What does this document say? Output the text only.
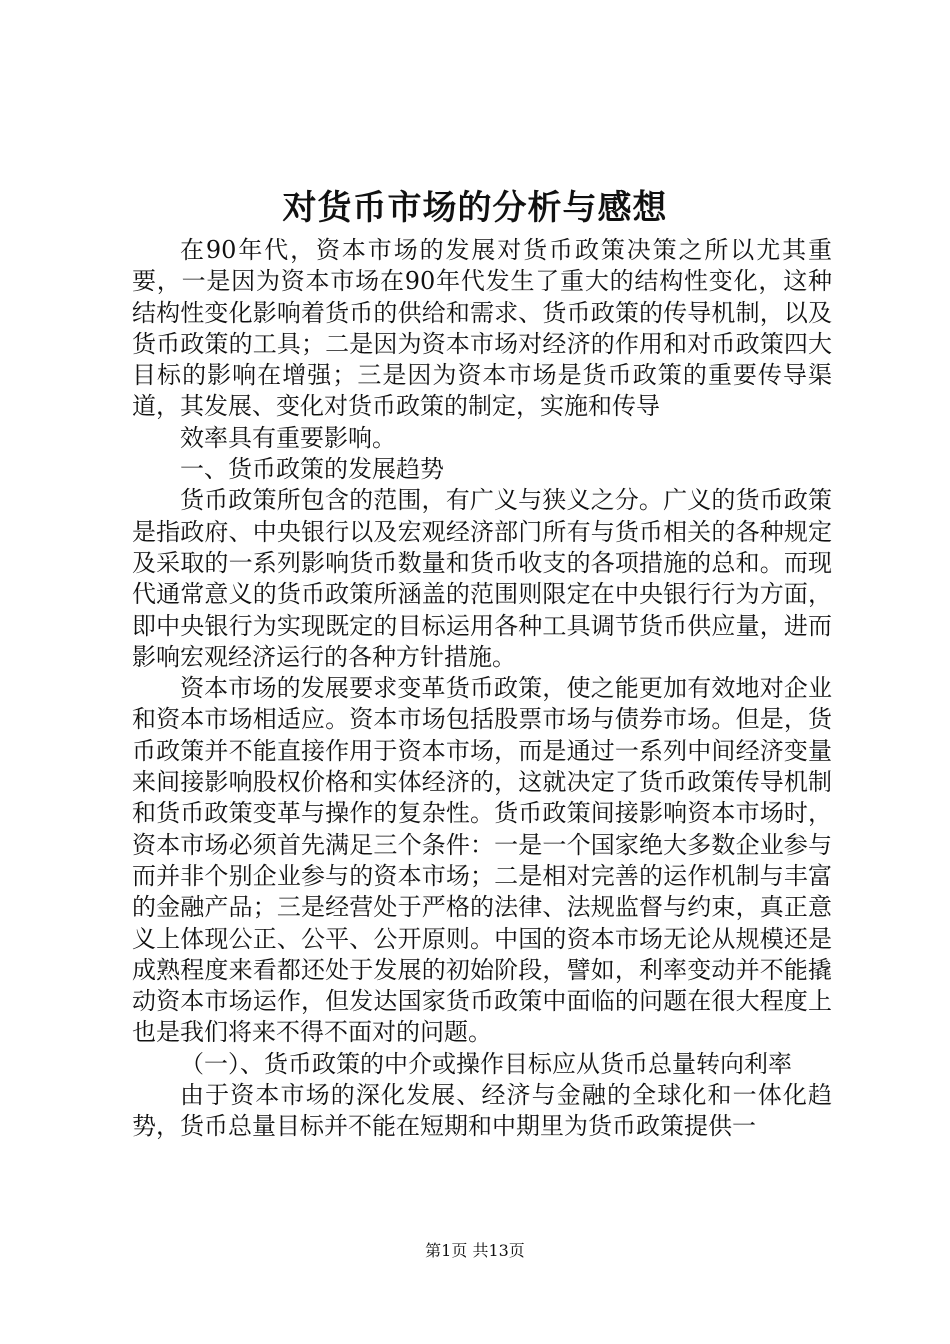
对货币市场的分析与感想

在90年代，资本市场的发展对货币政策决策之所以尤其重要，一是因为资本市场在90年代发生了重大的结构性变化，这种结构性变化影响着货币的供给和需求、货币政策的传导机制，以及货币政策的工具；二是因为资本市场对经济的作用和对币政策四大目标的影响在增强；三是因为资本市场是货币政策的重要传导渠道，其发展、变化对货币政策的制定，实施和传导

效率具有重要影响。

一、货币政策的发展趋势

货币政策所包含的范围，有广义与狭义之分。广义的货币政策是指政府、中央银行以及宏观经济部门所有与货币相关的各种规定及采取的一系列影响货币数量和货币收支的各项措施的总和。而现代通常意义的货币政策所涵盖的范围则限定在中央银行行为方面，即中央银行为实现既定的目标运用各种工具调节货币供应量，进而影响宏观经济运行的各种方针措施。

资本市场的发展要求变革货币政策，使之能更加有效地对企业和资本市场相适应。资本市场包括股票市场与债券市场。但是，货币政策并不能直接作用于资本市场，而是通过一系列中间经济变量来间接影响股权价格和实体经济的，这就决定了货币政策传导机制和货币政策变革与操作的复杂性。货币政策间接影响资本市场时，资本市场必须首先满足三个条件：一是一个国家绝大多数企业参与而并非个别企业参与的资本市场；二是相对完善的运作机制与丰富的金融产品；三是经营处于严格的法律、法规监督与约束，真正意义上体现公正、公平、公开原则。中国的资本市场无论从规模还是成熟程度来看都还处于发展的初始阶段，譬如，利率变动并不能撬动资本市场运作，但发达国家货币政策中面临的问题在很大程度上也是我们将来不得不面对的问题。

（一）、货币政策的中介或操作目标应从货币总量转向利率

由于资本市场的深化发展、经济与金融的全球化和一体化趋势，货币总量目标并不能在短期和中期里为货币政策提供一

第1页 共13页
